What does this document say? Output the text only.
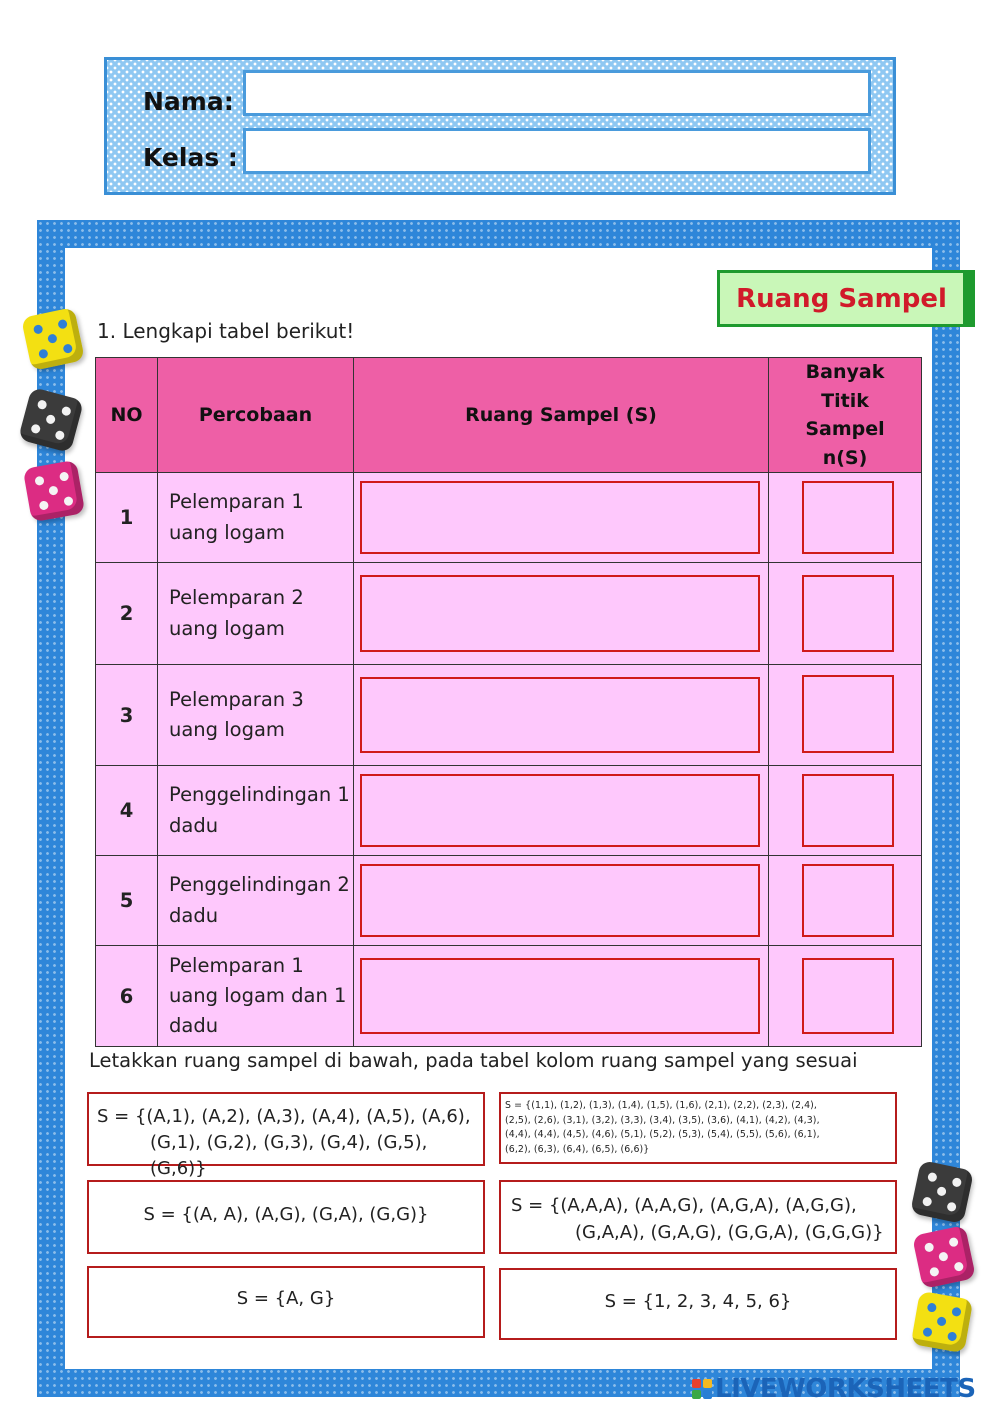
Nama:
Kelas :
Ruang Sampel
1. Lengkapi tabel berikut!
NO	Percobaan	Ruang Sampel (S)	Banyak Titik Sampel n(S)
1	Pelemparan 1 uang logam	

2	Pelemparan 2 uang logam	

3	Pelemparan 3 uang logam	

4	Penggelindingan 1 dadu	

5	Penggelindingan 2 dadu	

6	Pelemparan 1 uang logam dan 1 dadu	

Letakkan ruang sampel di bawah, pada tabel kolom ruang sampel yang sesuai
S = {(A,1), (A,2), (A,3), (A,4), (A,5), (A,6),
(G,1), (G,2), (G,3), (G,4), (G,5), (G,6)}
S = {(1,1), (1,2), (1,3), (1,4), (1,5), (1,6), (2,1), (2,2), (2,3), (2,4),
(2,5), (2,6), (3,1), (3,2), (3,3), (3,4), (3,5), (3,6), (4,1), (4,2), (4,3),
(4,4), (4,4), (4,5), (4,6), (5,1), (5,2), (5,3), (5,4), (5,5), (5,6), (6,1),
(6,2), (6,3), (6,4), (6,5), (6,6)}
S = {(A, A), (A,G), (G,A), (G,G)}	S = {(A,A,A), (A,A,G), (A,G,A), (A,G,G),
(G,A,A), (G,A,G), (G,G,A), (G,G,G)}
S = {A, G}	S = {1, 2, 3, 4, 5, 6}
LIVEWORKSHEETS
